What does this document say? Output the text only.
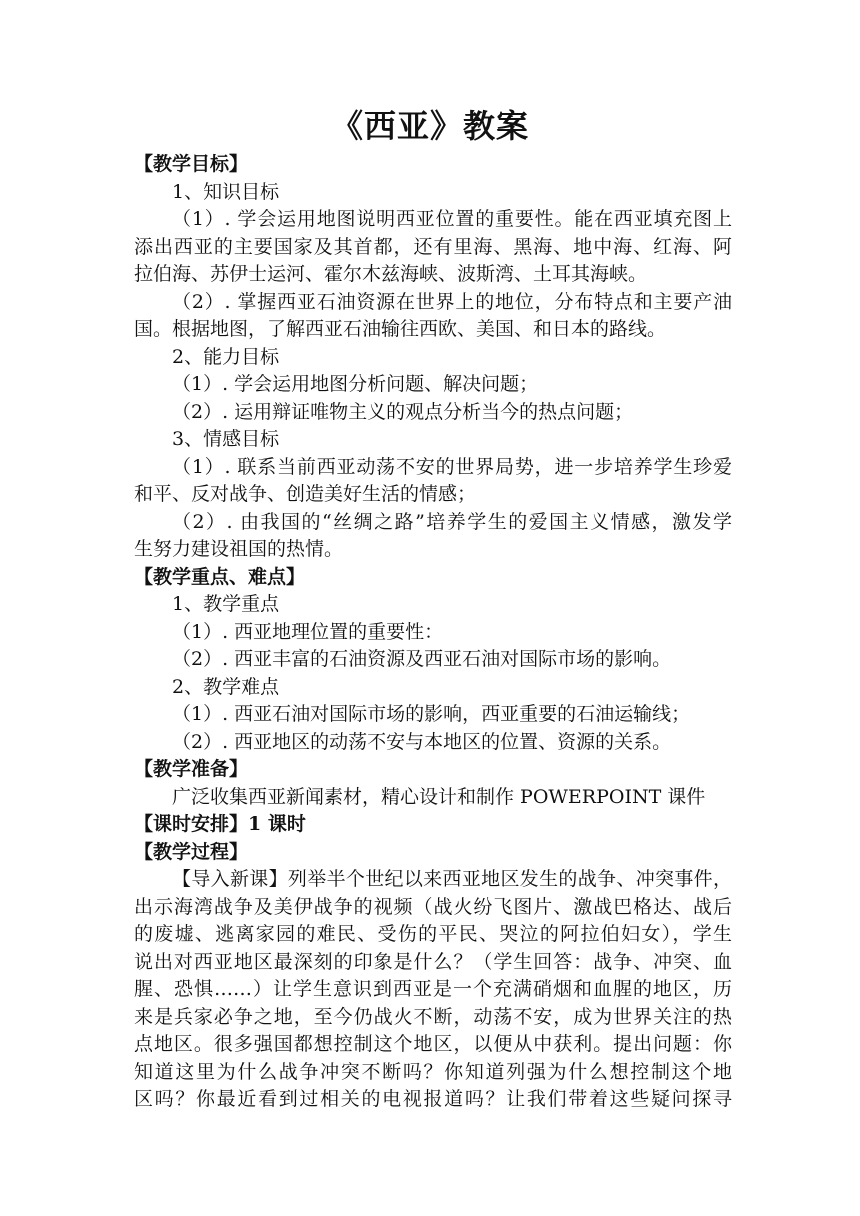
《西亚》教案
【教学目标】
1、知识目标
（1）. 学会运用地图说明西亚位置的重要性。能在西亚填充图上
添出西亚的主要国家及其首都，还有里海、黑海、地中海、红海、阿
拉伯海、苏伊士运河、霍尔木兹海峡、波斯湾、土耳其海峡。
（2）. 掌握西亚石油资源在世界上的地位，分布特点和主要产油
国。根据地图，了解西亚石油输往西欧、美国、和日本的路线。
2、能力目标
（1）. 学会运用地图分析问题、解决问题；
（2）. 运用辩证唯物主义的观点分析当今的热点问题；
3、情感目标
（1）. 联系当前西亚动荡不安的世界局势，进一步培养学生珍爱
和平、反对战争、创造美好生活的情感；
（2）. 由我国的“丝绸之路”培养学生的爱国主义情感，激发学
生努力建设祖国的热情。
【教学重点、难点】
1、教学重点
（1）. 西亚地理位置的重要性：
（2）. 西亚丰富的石油资源及西亚石油对国际市场的影响。
2、教学难点
（1）. 西亚石油对国际市场的影响，西亚重要的石油运输线；
（2）. 西亚地区的动荡不安与本地区的位置、资源的关系。
【教学准备】
广泛收集西亚新闻素材，精心设计和制作 POWERPOINT 课件
【课时安排】1 课时
【教学过程】
【导入新课】列举半个世纪以来西亚地区发生的战争、冲突事件，
出示海湾战争及美伊战争的视频（战火纷飞图片、激战巴格达、战后
的废墟、逃离家园的难民、受伤的平民、哭泣的阿拉伯妇女），学生
说出对西亚地区最深刻的印象是什么？（学生回答：战争、冲突、血
腥、恐惧……）让学生意识到西亚是一个充满硝烟和血腥的地区，历
来是兵家必争之地，至今仍战火不断，动荡不安，成为世界关注的热
点地区。很多强国都想控制这个地区，以便从中获利。提出问题：你
知道这里为什么战争冲突不断吗？你知道列强为什么想控制这个地
区吗？你最近看到过相关的电视报道吗？让我们带着这些疑问探寻
